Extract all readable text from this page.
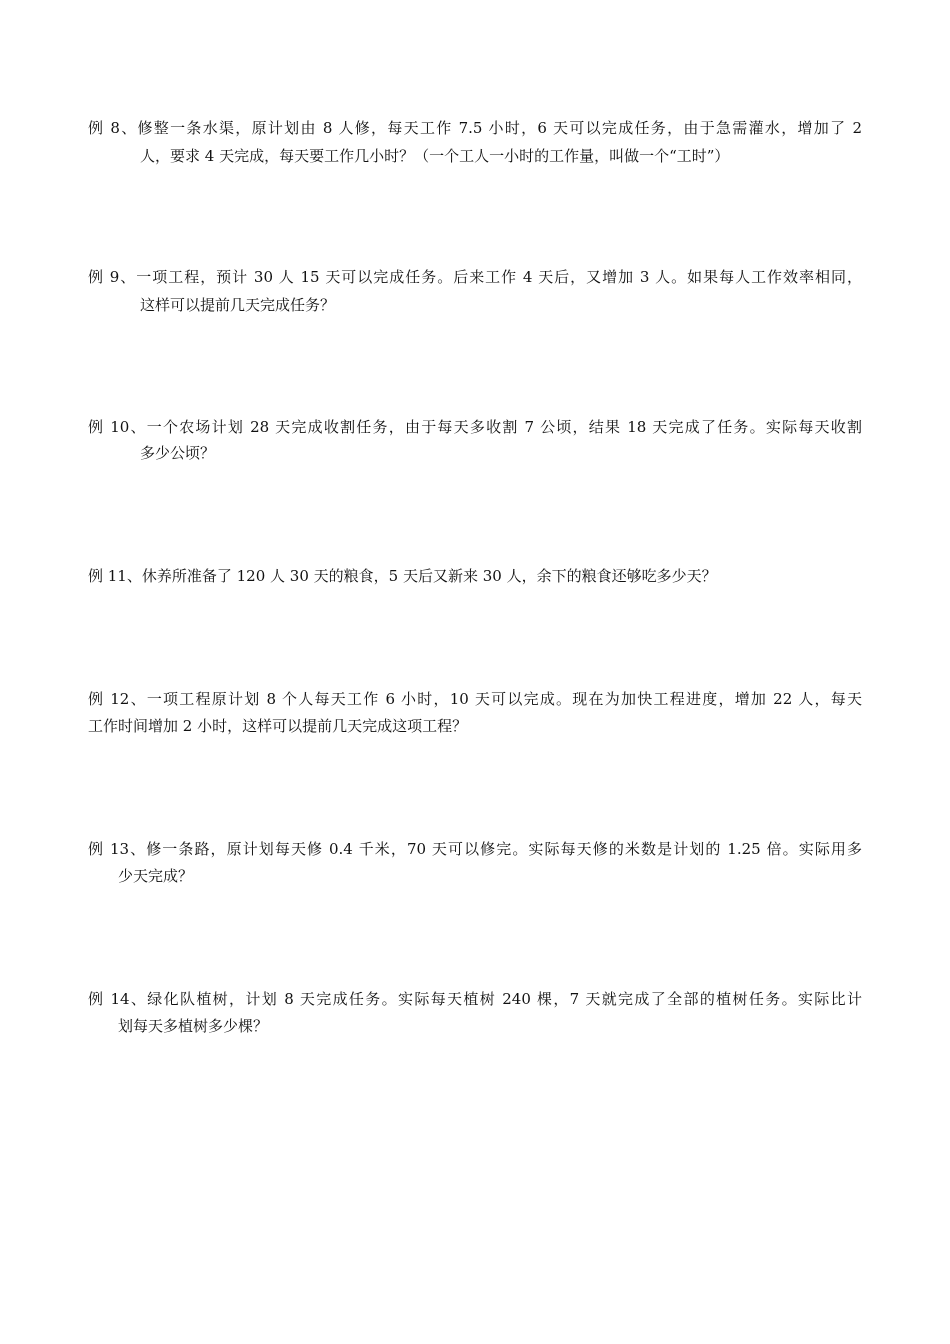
例 8、修整一条水渠，原计划由 8 人修，每天工作 7.5 小时，6 天可以完成任务，由于急需灌水，增加了 2
人，要求 4 天完成，每天要工作几小时？（一个工人一小时的工作量，叫做一个“工时”）
例 9、一项工程，预计 30 人 15 天可以完成任务。后来工作 4 天后，又增加 3 人。如果每人工作效率相同，
这样可以提前几天完成任务？
例 10、一个农场计划 28 天完成收割任务，由于每天多收割 7 公顷，结果 18 天完成了任务。实际每天收割
多少公顷？
例 11、休养所准备了 120 人 30 天的粮食，5 天后又新来 30 人，余下的粮食还够吃多少天？
例 12、一项工程原计划 8 个人每天工作 6 小时，10 天可以完成。现在为加快工程进度，增加 22 人，每天
工作时间增加 2 小时，这样可以提前几天完成这项工程？
例 13、修一条路，原计划每天修 0.4 千米，70 天可以修完。实际每天修的米数是计划的 1.25 倍。实际用多
少天完成？
例 14、绿化队植树，计划 8 天完成任务。实际每天植树 240 棵，7 天就完成了全部的植树任务。实际比计
划每天多植树多少棵？
